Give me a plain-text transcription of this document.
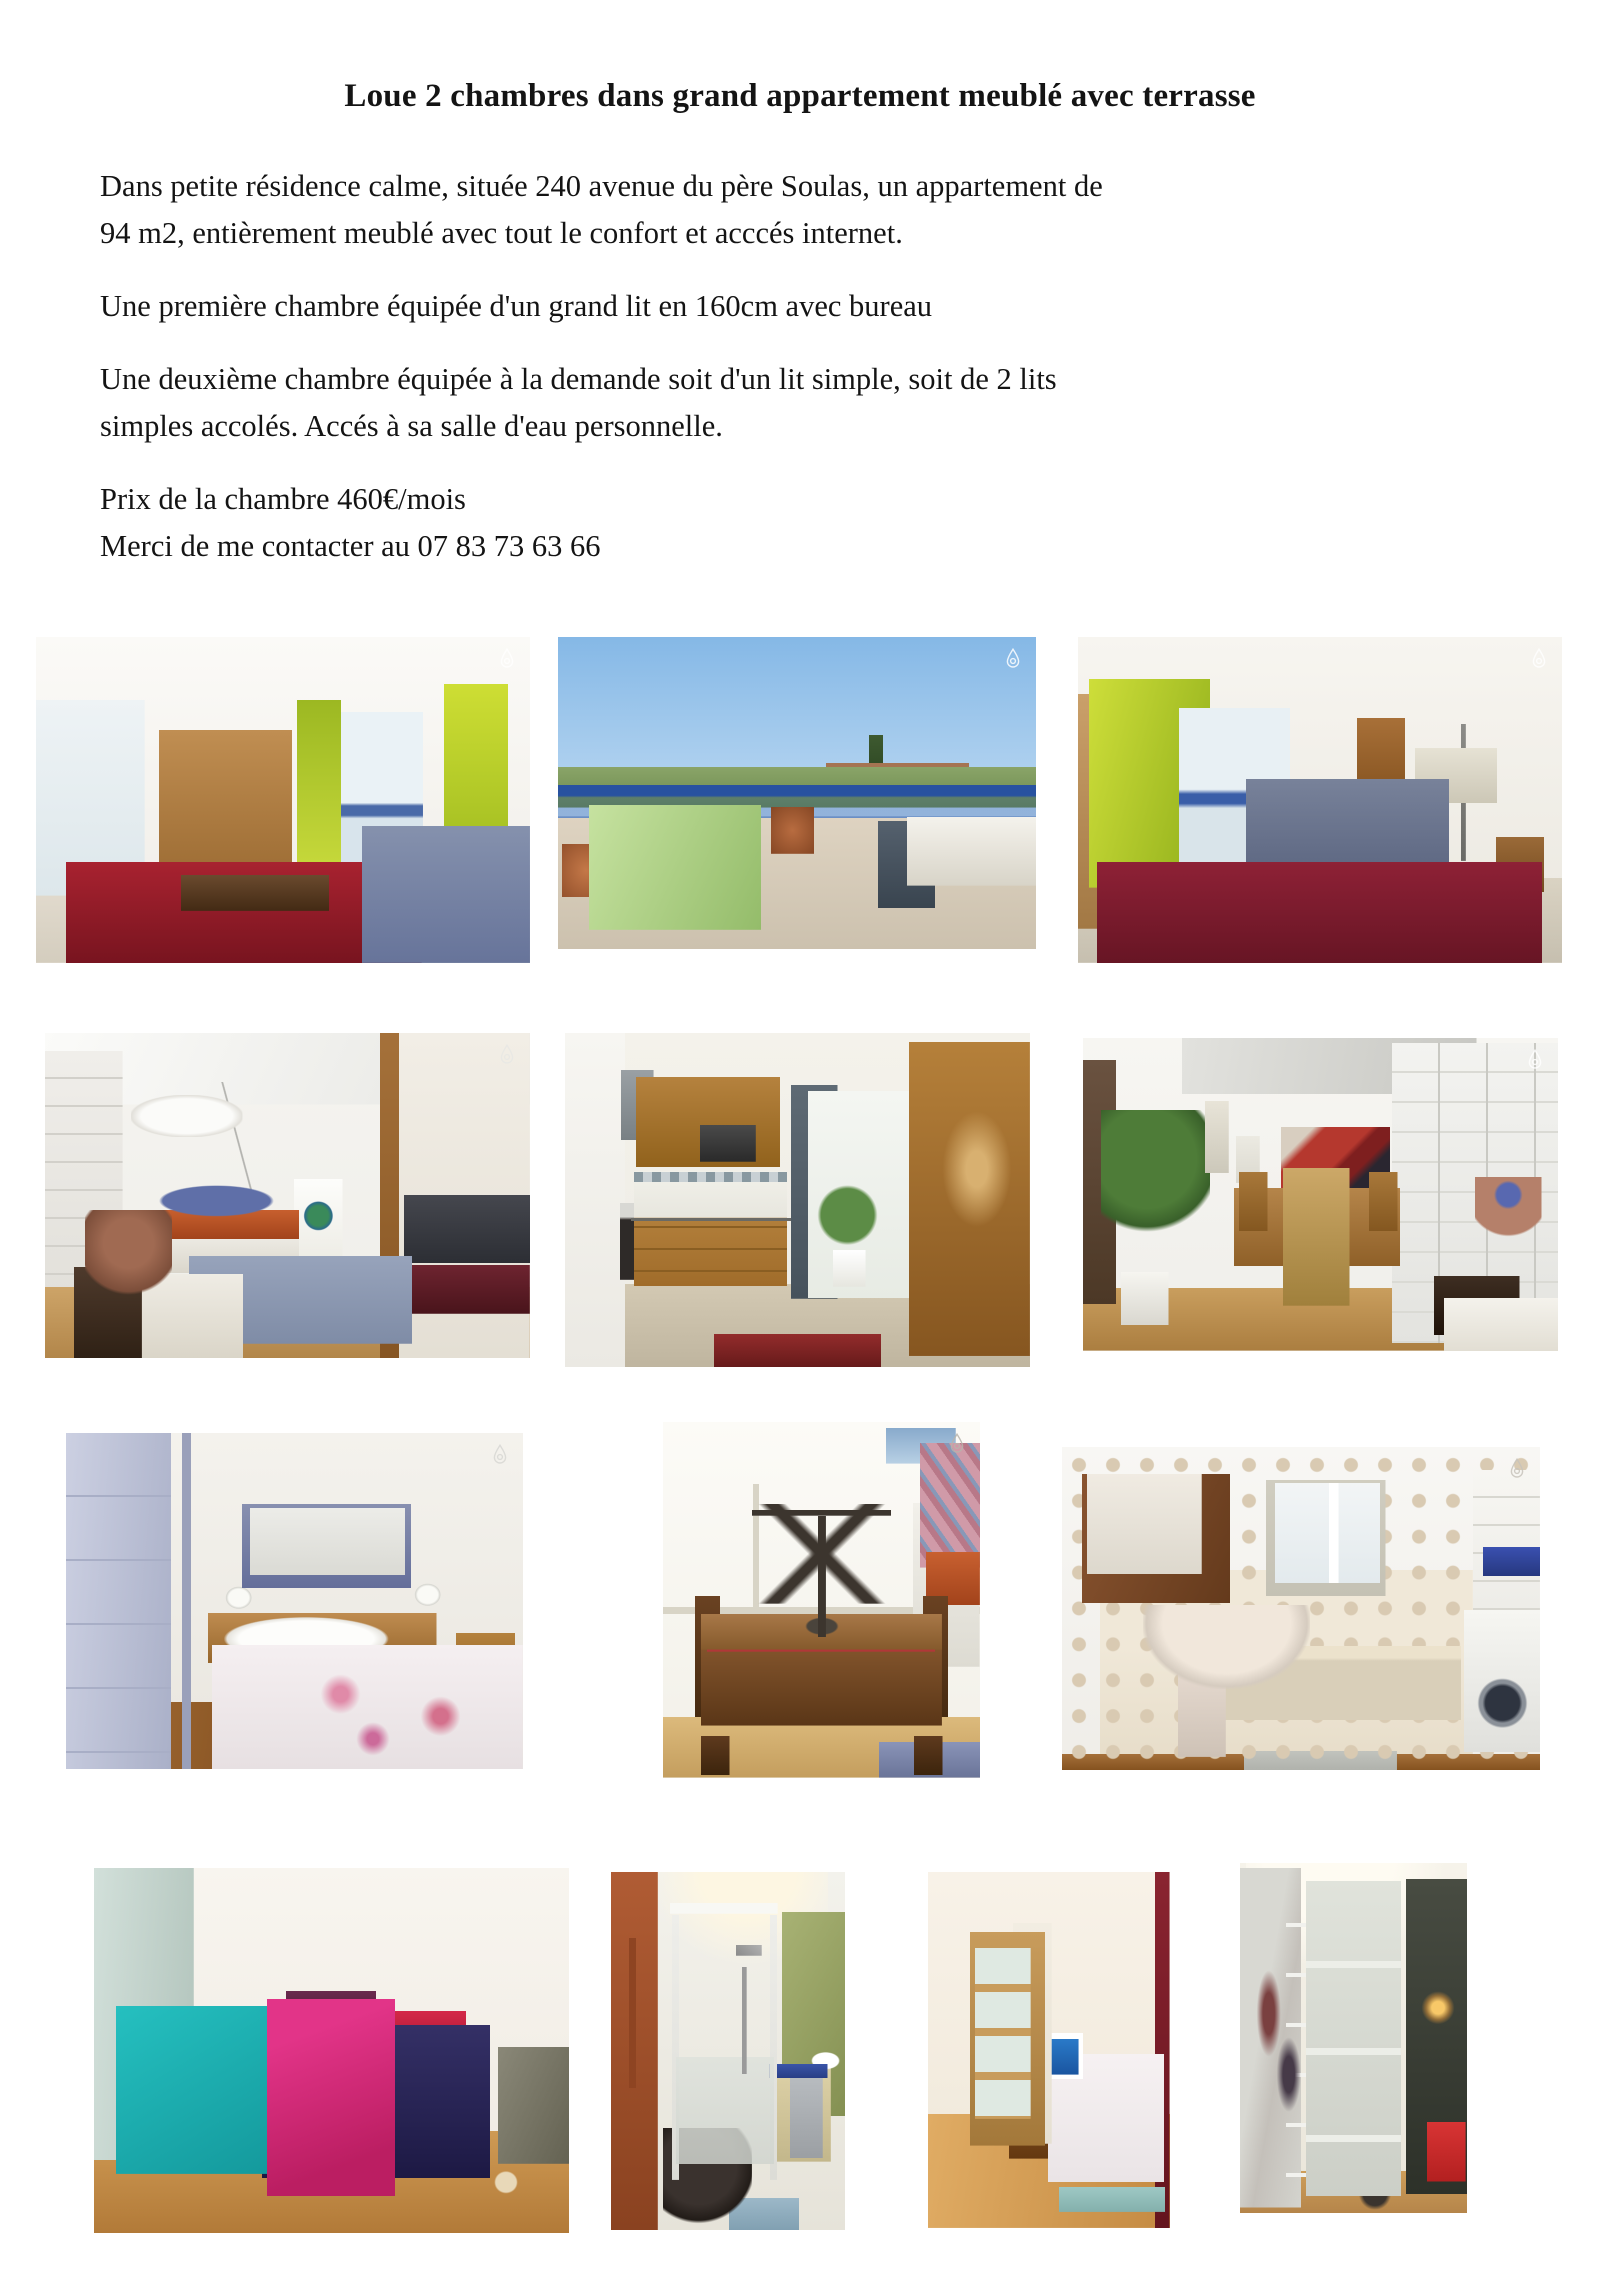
Loue 2 chambres dans grand appartement meublé avec terrasse

Dans petite résidence calme, située 240 avenue du père Soulas, un appartement de
94 m2, entièrement meublé avec tout le confort et acccés internet.

Une première chambre équipée d'un grand lit en 160cm avec bureau

Une deuxième chambre équipée à la demande soit d'un lit simple, soit de 2 lits
simples accolés. Accés à sa salle d'eau personnelle.

Prix de la chambre 460€/mois
Merci de me contacter au 07 83 73 63 66
